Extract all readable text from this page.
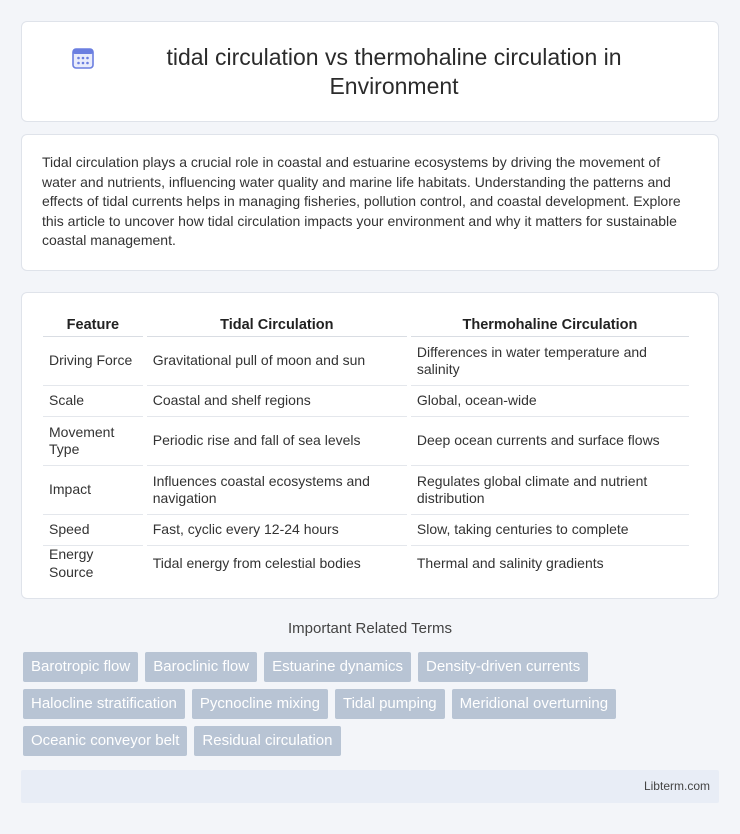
tidal circulation vs thermohaline circulation in Environment

Tidal circulation plays a crucial role in coastal and estuarine ecosystems by driving the movement of water and nutrients, influencing water quality and marine life habitats. Understanding the patterns and effects of tidal currents helps in managing fisheries, pollution control, and coastal development. Explore this article to uncover how tidal circulation impacts your environment and why it matters for sustainable coastal management.

Feature	Tidal Circulation	Thermohaline Circulation
Driving Force	Gravitational pull of moon and sun	Differences in water temperature and salinity
Scale	Coastal and shelf regions	Global, ocean-wide
Movement Type	Periodic rise and fall of sea levels	Deep ocean currents and surface flows
Impact	Influences coastal ecosystems and navigation	Regulates global climate and nutrient distribution
Speed	Fast, cyclic every 12-24 hours	Slow, taking centuries to complete
Energy Source	Tidal energy from celestial bodies	Thermal and salinity gradients
Important Related Terms
Barotropic flow	Baroclinic flow	Estuarine dynamics	Density-driven currents
Halocline stratification	Pycnocline mixing	Tidal pumping	Meridional overturning
Oceanic conveyor belt	Residual circulation
Libterm.com
